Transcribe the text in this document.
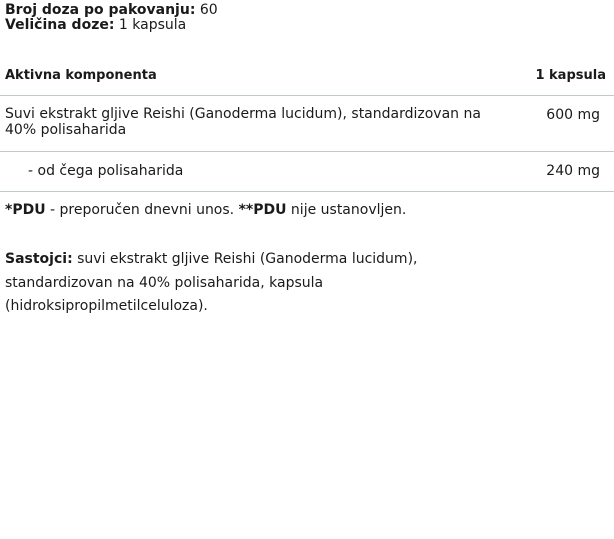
Broj doza po pakovanju: 60
Veličina doze: 1 kapsula
Aktivna komponenta	1 kapsula
Suvi ekstrakt gljive Reishi (Ganoderma lucidum), standardizovan na 40% polisaharida
600 mg
- od čega polisaharida	240 mg
*PDU - preporučen dnevni unos. **PDU nije ustanovljen.
Sastojci: suvi ekstrakt gljive Reishi (Ganoderma lucidum), standardizovan na 40% polisaharida, kapsula (hidroksipropilmetilceluloza).
